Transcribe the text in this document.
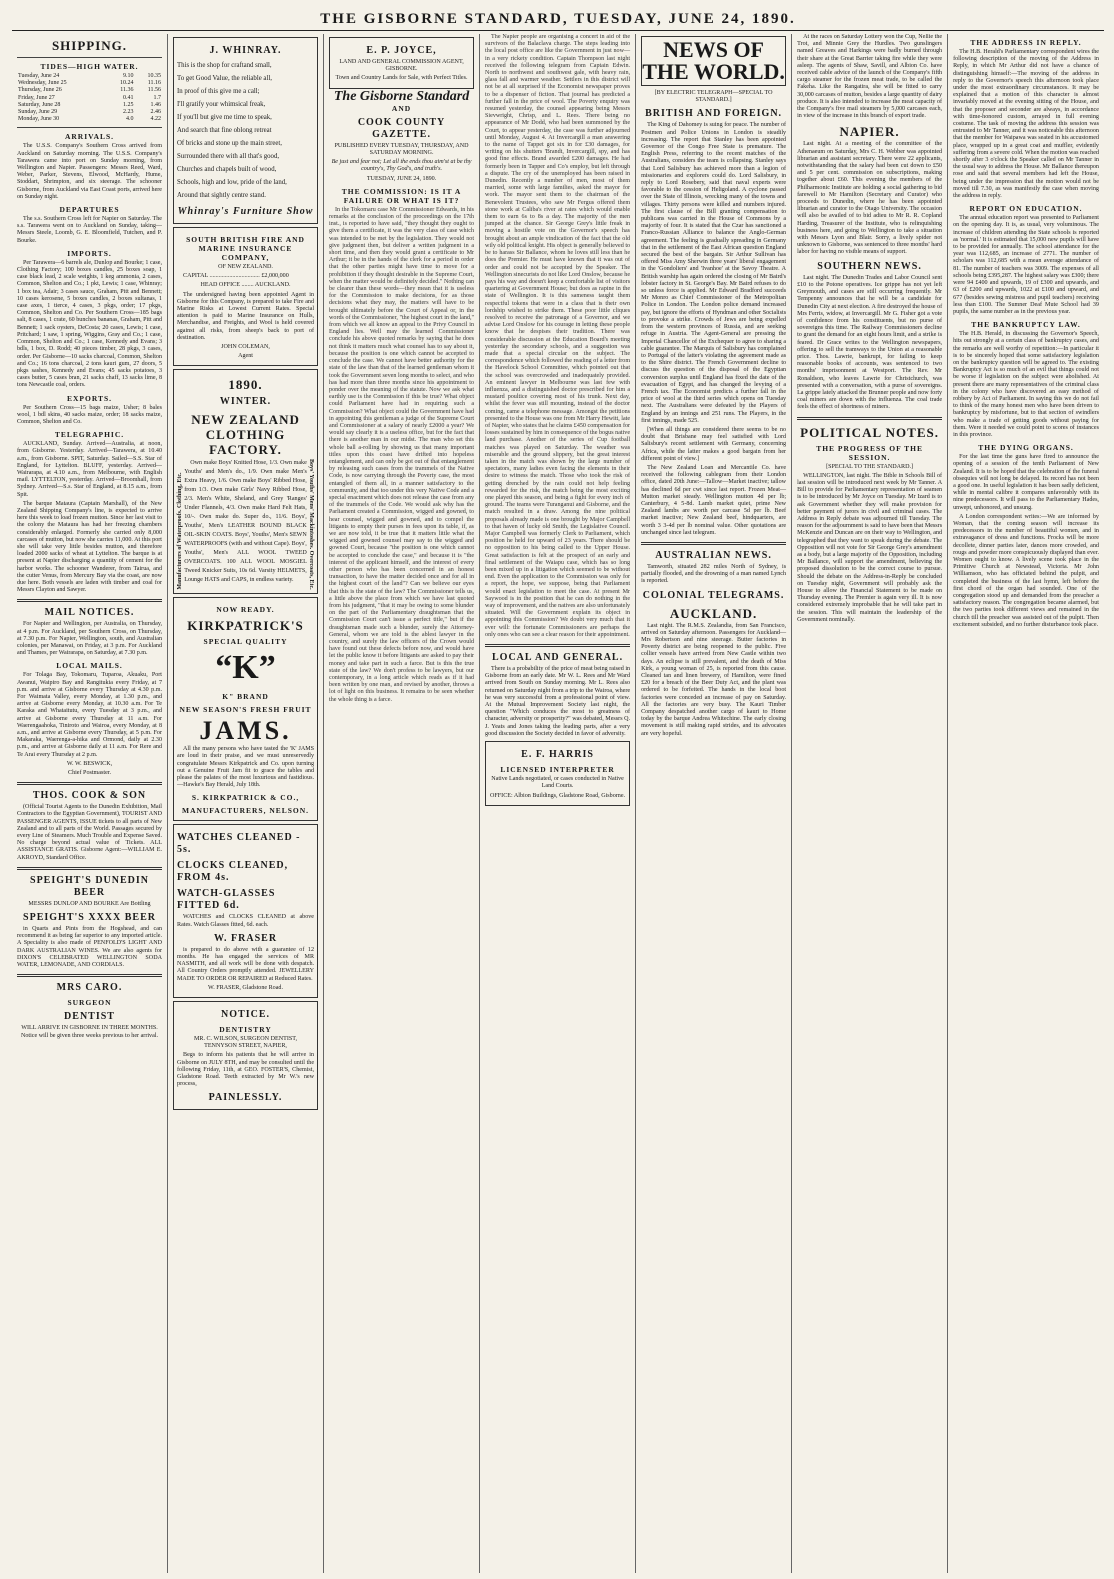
THE GISBORNE STANDARD, TUESDAY, JUNE 24, 1890.
SHIPPING.
TIDES—HIGH WATER.
Tuesday, June 24	9.10	10.35
Wednesday, June 25	10.24	11.16
Thursday, June 26	11.36	11.56
Friday, June 27	0.41	1.7
Saturday, June 28	1.25	1.46
Sunday, June 29	2.23	2.46
Monday, June 30	4.0	4.22
ARRIVALS.

The U.S.S. Company's Southern Cross arrived from Auckland on Saturday morning. The U.S.S. Company's Tarawera came into port on Sunday morning, from Wellington and Napier. Passengers: Messrs Reed, Ward, Weber, Parker, Stevens, Elwood, McHardy, Hume, Stoddart, Shrimpton, and six steerage. The schooner Gisborne, from Auckland via East Coast ports, arrived here on Sunday night.

DEPARTURES

The s.s. Southern Cross left for Napier on Saturday. The s.s. Tarawera went on to Auckland on Sunday, taking—Messrs Steele, Loomb, G. E. Bloomfield, Tutchen, and P. Bourke.

IMPORTS.

Per Tarawera—6 barrels ale, Dunlop and Bourke; 1 case, Clothing Factory; 100 boxes candles, 25 boxes soap, 1 case black lead, 2 scale weights, 1 keg ammonia, 2 cases, Common, Shelton and Co.; 1 pkt, Lewis; 1 case, Whinray; 1 box tea, Adair; 3 cases sauce, Graham, Pitt and Bennett; 10 cases kerosene, 5 boxes candles, 2 boxes sultanas, 1 case axes, 1 tierce, 4 cases, 3 pkgs, order; 17 pkgs, Common, Shelton and Co. Per Southern Cross—185 bags salt, 8 cases, 1 crate, 60 bunches bananas, Graham, Pitt and Bennett; 1 sack oysters, DeCosta; 20 cases, Lewis; 1 case, Pritchard; 1 saw, 1 spring, Wiggins, Gray and Co.; 1 case, Common, Shelton and Co.; 1 case, Kennedy and Evans; 3 bdls, 1 box, D. Rodd; 40 pieces timber, 28 pkgs, 3 cases, order. Per Gisborne—10 sacks charcoal, Common, Shelton and Co.; 16 tons charcoal, 2 tons kauri gum, 27 doors, 5 pkgs sashes, Kennedy and Evans; 45 sacks potatoes, 3 cases butter, 5 cases bran, 21 sacks chaff, 13 sacks lime, 8 tons Newcastle coal, orders.

EXPORTS.

Per Southern Cross—15 bags maize, Usher; 8 bales wool, 1 bdl skins, 40 sacks maize, order; 18 sacks maize, Common, Shelton and Co.

TELEGRAPHIC.

AUCKLAND, Sunday. Arrived—Australia, at noon, from Gisborne. Yesterday. Arrived—Tarawera, at 10.40 a.m., from Gisborne. SPIT, Saturday. Sailed—S.S. Star of England, for Lyttelton. BLUFF, yesterday. Arrived—Wairarapa, at 4.10 a.m., from Melbourne, with English mail. LYTTELTON, yesterday. Arrived—Broomhall, from Sydney. Arrived—S.s. Star of England, at 8.15 a.m., from Spit.

The barque Mataura (Captain Marshall), of the New Zealand Shipping Company's line, is expected to arrive here this week to load frozen mutton. Since her last visit to the colony the Mataura has had her freezing chambers considerably enlarged. Formerly she carried only 8,000 carcases of mutton, but now she carries 11,000. At this port she will take very little besides mutton, and therefore loaded 2000 sacks of wheat at Lyttelton. The barque is at present at Napier discharging a quantity of cement for the harbor works. The schooner Wanderer, from Tairua, and the cutter Venus, from Mercury Bay via the coast, are now due here. Both vessels are laden with timber and coal for Messrs Clayton and Sawyer.

MAIL NOTICES.

For Napier and Wellington, per Australia, on Thursday, at 4 p.m. For Auckland, per Southern Cross, on Thursday, at 7.30 p.m. For Napier, Wellington, south, and Australian colonies, per Manawai, on Friday, at 3 p.m. For Auckland and Thames, per Wairarapa, on Saturday, at 7.30 p.m.

LOCAL MAILS.

For Tolaga Bay, Tokomaru, Tuparoa, Akuaku, Port Awanui, Waipiro Bay and Rangitukia every Friday, at 7 p.m. and arrive at Gisborne every Thursday at 4.30 p.m. For Waimata Valley, every Monday, at 1.30 p.m., and arrive at Gisborne every Monday, at 10.30 a.m. For Te Karaka and Whataitutu, every Tuesday at 3 p.m., and arrive at Gisborne every Thursday at 11 a.m. For Waerengaahoka, Tiniroto and Wairoa, every Monday, at 8 a.m., and arrive at Gisborne every Thursday, at 5 p.m. For Makaraka, Waerenga-a-hika and Ormond, daily at 2.30 p.m., and arrive at Gisborne daily at 11 a.m. For Rere and Te Arai every Thursday at 2 p.m.

W. W. BESWICK,

Chief Postmaster.

THOS. COOK & SON

(Official Tourist Agents to the Dunedin Exhibition, Mail Contractors to the Egyptian Government), TOURIST AND PASSENGER AGENTS, ISSUE tickets to all parts of New Zealand and to all parts of the World. Passages secured by every Line of Steamers. Much Trouble and Expense Saved. No charge beyond actual value of Tickets. ALL ASSISTANCE GRATIS. Gisborne Agent:—WILLIAM E. AKROYD, Standard Office.

SPEIGHT'S DUNEDIN BEER

MESSRS DUNLOP AND BOURKE Are Bottling

SPEIGHT'S XXXX BEER

in Quarts and Pints from the Hogshead, and can recommend it as being far superior to any imported article. A Speciality is also made of PENFOLD'S LIGHT AND DARK AUSTRALIAN WINES. We are also agents for DIXON'S CELEBRATED WELLINGTON SODA WATER, LEMONADE, AND CORDIALS.

MRS CARO.
SURGEON
DENTIST

WILL ARRIVE IN GISBORNE IN THREE MONTHS. Notice will be given three weeks previous to her arrival.

J. WHINRAY.
This is the shop for craftand small,
To get Good Value, the reliable all,
In proof of this give me a call;
I'll gratify your whimsical freak,
If you'll but give me time to speak,
And search that fine oblong retreat
Of bricks and stone up the main street,
Surrounded there with all that's good,
Churches and chapels built of wood,
Schools, high and low, pride of the land,
Around that sightly centre stand.
Whinray's Furniture Show
SOUTH BRITISH FIRE AND MARINE INSURANCE COMPANY,

OF NEW ZEALAND.

CAPITAL ................................. £2,000,000

HEAD OFFICE ........ AUCKLAND.

The undersigned having been appointed Agent in Gisborne for this Company, is prepared to take Fire and Marine Risks at Lowest Current Rates. Special attention is paid to Marine Insurance on Hulls, Merchandise, and Freights, and Wool is held covered against all risks, from sheep's back to port of destination.

JOHN COLEMAN,

Agent

1890.
WINTER.
NEW ZEALAND CLOTHING FACTORY.
Manufacturers of Waterproofs. Clothing, Etc.

Own make Boys' Knitted Hose, 1/3. Own make Youths' and Men's do., 1/9. Own make Men's Extra Heavy, 1/6. Own make Boys' Ribbed Hose, from 1/3. Own make Girls' Navy Ribbed Hose, 2/3. Men's White, Sheland, and Grey 'Ranges' Under Flannels, 4/3. Own make Hard Felt Hats, 10/-. Own make do. Super do., 11/6. Boys', Youths', Men's LEATHER BOUND BLACK OIL-SKIN COATS. Boys', Youths', Men's SEWN WATERPROOFS (with and without Cape). Boys', Youths', Men's ALL WOOL TWEED OVERCOATS. 100 ALL WOOL MOSGIEL Tweed Knicker Suits, 10s 6d. Varsity HELMETS, Lounge HATS and CAPS, in endless variety.	Boys' Youths' Mens' Mackintoshes. Overcoats, Etc.
NOW READY.
KIRKPATRICK'S
SPECIAL QUALITY
“K”
K" BRAND
NEW SEASON'S FRESH FRUIT
JAMS.

All the many persons who have tasted the 'K' JAMS are loud in their praise, and we must unreservedly congratulate Messrs Kirkpatrick and Co. upon turning out a Genuine Fruit Jam fit to grace the tables and please the palates of the most luxurious and fastidious.—Hawke's Bay Herald, July 18th.

S. KIRKPATRICK & CO.,
MANUFACTURERS, NELSON.
WATCHES CLEANED - 5s.
CLOCKS CLEANED, FROM 4s.
WATCH-GLASSES FITTED 6d.

WATCHES and CLOCKS CLEANED at above Rates. Watch Glasses fitted, 6d. each.

W. FRASER

is prepared to do above with a guarantee of 12 months. He has engaged the services of MR NASMITH, and all work will be done with despatch. All Country Orders promptly attended. JEWELLERY MADE TO ORDER OR REPAIRED at Reduced Rates.

W. FRASER, Gladstone Road.

NOTICE.
DENTISTRY

MR. C. WILSON, SURGEON DENTIST, TENNYSON STREET, NAPIER,

Begs to inform his patients that he will arrive in Gisborne on JULY 8TH, and may be consulted until the following Friday, 11th, at GEO. FOSTER'S, Chemist, Gladstone Road. Teeth extracted by Mr W.'s new process,

PAINLESSLY.
E. P. JOYCE,

LAND AND GENERAL COMMISSION AGENT, GISBORNE.

Town and Country Lands for Sale, with Perfect Titles.

The Gisborne Standard
AND
COOK COUNTY GAZETTE.

PUBLISHED EVERY TUESDAY, THURSDAY, AND SATURDAY MORNING.

Be just and fear not; Let all the ends thou aim'st at be thy country's, Thy God's, and truth's.

TUESDAY, JUNE 24, 1890.

THE COMMISSION: IS IT A FAILURE OR WHAT IS IT?

In the Tokomaru case Mr Commissioner Edwards, in his remarks at the conclusion of the proceedings on the 17th inst., is reported to have said, "they thought they ought to give them a certificate, it was the very class of case which was intended to be met by the legislation. They would not give judgment then, but deliver a written judgment in a short time, and then they would grant a certificate to Mr Arthur; it be in the hands of the clerk for a period in order that the other parties might have time to move for a prohibition if they thought desirable in the Supreme Court, when the matter would be definitely decided." Nothing can be clearer than these words—they mean that it is useless for the Commission to make decisions, for as those decisions what they may, the matters will have to be brought ultimately before the Court of Appeal or, in the words of the Commissioner, "the highest court in the land," from which we all know an appeal to the Privy Council in England lies. Well may the learned Commissioner conclude his above quoted remarks by saying that he does not think it matters much what counsel has to say about it, because the position is one which cannot be accepted to conclude the case. We cannot have better authority for the state of the law than that of the learned gentleman whom it took the Government seven long months to select, and who has had more than three months since his appointment to ponder over the meaning of the statute. Now we ask what earthly use is the Commission if this be true? What object could Parliament have had in requiring such a Commission? What object could the Government have had in appointing this gentleman a judge of the Supreme Court and Commissioner at a salary of nearly £2000 a year? We would say clearly it is a useless office, but for the fact that there is another man in our midst. The man who set this whole ball a-rolling by showing us that many important titles upon this coast have drifted into hopeless entanglement, and can only be got out of that entanglement by releasing such cases from the trammels of the Native Code, is now carrying through the Poverty case, the most entangled of them all, in a manner satisfactory to the community, and that too under this very Native Code and a special enactment which does not release the case from any of the trammels of the Code. We would ask why has the Parliament created a Commission, wigged and gowned, to hear counsel, wigged and gowned, and to compel the litigants to empty their purses in fees upon its table, if, as we are now told, it be true that it matters little what the wigged and gowned counsel may say to the wigged and gowned Court, because "the position is one which cannot be accepted to conclude the case," and because it is "the interest of the applicant himself, and the interest of every other person who has been concerned in an honest transaction, to have the matter decided once and for all in the highest court of the land"? Can we believe our eyes that this is the state of the law? The Commissioner tells us, a little above the place from which we have last quoted from his judgment, "that it may be owing to some blunder on the part of the Parliamentary draughtsman that the Commission Court can't issue a perfect title," but if the draughtsman made such a blunder, surely the Attorney-General, whom we are told is the ablest lawyer in the country, and surely the law officers of the Crown would have found out these defects before now, and would have let the public know it before litigants are asked to pay their money and take part in such a farce. But is this the true state of the law? We don't profess to be lawyers, but our contemporary, in a long article which reads as if it had been written by one man, and revised by another, throws a lot of light on this business. It remains to be seen whether the whole thing is a farce.

The Napier people are organising a concert in aid of the survivors of the Balaclava charge. The steps leading into the local post office are like the Government in just now—in a very rickety condition. Captain Thompson last night received the following telegram from Captain Edwin. North to northwest and southwest gale, with heavy rain, glass fall and warmer weather. Settlers in this district will not be at all surprised if the Economist newspaper proves to be a dispenser of fiction. That journal has predicted a further fall in the price of wool. The Poverty enquiry was resumed yesterday, the counsel appearing being Messrs Sievwright, Chrisp, and L. Rees. There being no appearance of Mr Dodd, who had been summoned by the Court, to appear yesterday, the case was further adjourned until Monday, August 4. At Invercargill a man answering to the name of Tappet got six in for £30 damages, for writing on his shutters 'Brandt, Invercargill, spy, and has good fine effects. Brand awarded £200 damages. He had formerly been in Tapper and Co's employ, but left through a dispute. The cry of the unemployed has been raised in Dunedin. Recently a number of men, most of them married, some with large families, asked the mayor for work. The mayor sent them to the chairman of the Benevolent Trustees, who saw Mr Fergus offered them stone work at Caliba's river at rates which would enable them to earn 6s to 8s a day. The majority of the men jumped at the chance. Sir George Grey's little freak in moving a hostile vote on the Governor's speech has brought about an ample vindication of the fact that the old wily old political knight. His object is generally believed to be to harass Sir Ballance, whom he loves still less than he does the Premier. He must have known that it was out of order and could not be accepted by the Speaker. The Wellington sinecurists do not like Lord Onslow, because he pays his way and doesn't keep a comfortable list of visitors quartering at Government House; but does as rapine in the state of Wellington. It is this sameness taught them respectful tokens that were in a class that is their own lordship wished to strike them. These poor little cliques resolved to receive the patronage of a Governor, and we advise Lord Onslow for his courage in letting these people know that he despises their tradition. There was considerable discussion at the Education Board's meeting yesterday the secondary schools, and a suggestion was made that a special circular on the subject. The correspondence which followed the reading of a letter from the Havelock School Committee, which pointed out that the school was overcrowded and inadequately provided. An eminent lawyer in Melbourne was last few with influenza, and a distinguished doctor prescribed for him a mustard poultice covering most of his trunk. Next day, whilst the fever was still mounting, instead of the doctor coming, came a telephone message. Amongst the petitions presented to the House was one from Mr Harry Hewitt, late of Napier, who states that he claims £450 compensation for losses sustained by him in consequence of the bogus native land purchase. Another of the series of Cup football matches was played on Saturday. The weather was miserable and the ground slippery, but the great interest taken in the match was shown by the large number of spectators, many ladies even facing the elements in their desire to witness the match. Those who took the risk of getting drenched by the rain could not help feeling rewarded for the risk, the match being the most exciting one played this season, and being a fight for every inch of ground. The teams were Turanganui and Gisborne, and the match resulted in a draw. Among the nine political proposals already made is one brought by Major Campbell to that haven of lucky old Smith, the Legislative Council. Major Campbell was formerly Clerk to Parliament, which position he held for upward of 23 years. There should be no opposition to his being called to the Upper House. Great satisfaction is felt at the prospect of an early and final settlement of the Waiapu case, which has so long been mixed up in a litigation which seemed to be without end. Even the application to the Commission was only for a report, the hope, we suppose, being that Parliament would enact legislation to meet the case. At present Mr Saywood is in the position that he can do nothing in the way of improvement, and the natives are also unfortunately situated. Will the Government explain its object in appointing this Commission? We doubt very much that it ever will: the fortunate Commissioners are perhaps the only ones who can see a clear reason for their appointment.

LOCAL AND GENERAL.

There is a probability of the price of meat being raised in Gisborne from an early date. Mr W. L. Rees and Mr Ward arrived from South on Sunday morning. Mr L. Rees also returned on Saturday night from a trip to the Wairoa, where he was very successful from a professional point of view. At the Mutual Improvement Society last night, the question "Which conduces the most to greatness of character, adversity or prosperity?" was debated, Messrs Q. J. Yeats and Jones taking the leading parts, after a very good discussion the Society decided in favor of adversity.

E. F. HARRIS
LICENSED INTERPRETER

Native Lands negotiated, or cases conducted in Native Land Courts.

OFFICE: Albion Buildings, Gladstone Road, Gisborne.

NEWS OF THE WORLD.

[BY ELECTRIC TELEGRAPH—SPECIAL TO STANDARD.]

BRITISH AND FOREIGN.

The King of Dahomey is suing for peace. The number of Postmen and Police Unions in London is steadily increasing. The report that Stanley has been appointed Governor of the Congo Free State is premature. The English Press, referring to the recent matches of the Australians, considers the team is collapsing. Stanley says that Lord Salisbury has achieved more than a legion of missionaries and explorers could do. Lord Salisbury, in reply to Lord Rosebery, said that naval experts were favorable to the cession of Heligoland. A cyclone passed over the State of Illinois, wrecking many of the towns and villages. Thirty persons were killed and numbers injured. The first clause of the Bill granting compensation to publicans was carried in the House of Commons by a majority of four. It is stated that the Czar has sanctioned a Franco-Russian Alliance to balance the Anglo-German agreement. The feeling is gradually spreading in Germany that in the settlement of the East African question England secured the best of the bargain. Sir Arthur Sullivan has offered Miss Amy Sherwin three years' liberal engagement in the 'Gondoliers' and 'Ivanhoe' at the Savoy Theatre. A British warship has again ordered the closing of Mr Baird's lobster factory in St. George's Bay. Mr Baird refuses to do so unless force is applied. Mr Edward Bradford succeeds Mr Monro as Chief Commissioner of the Metropolitan Police in London. The London police demand increased pay, but ignore the efforts of Hyndman and other Socialists to provoke a strike. Crowds of Jews are being expelled from the western provinces of Russia, and are seeking refuge in Austria. The Agent-General are pressing the Imperial Chancellor of the Exchequer to agree to sharing a cable guarantee. The Marquis of Salisbury has complained to Portugal of the latter's violating the agreement made as to the Shire district. The French Government decline to discuss the question of the disposal of the Egyptian conversion surplus until England has fixed the date of the evacuation of Egypt, and has changed the levying of a French tax. The Economist predicts a further fall in the price of wool at the third series which opens on Tuesday next. The Australians were defeated by the Players of England by an innings and 251 runs. The Players, in the first innings, made 525.

[When all things are considered there seems to be no doubt that Brisbane may feel satisfied with Lord Salisbury's recent settlement with Germany, concerning Africa, while the latter makes a good bargain from her different point of view.]

The New Zealand Loan and Mercantile Co. have received the following cablegram from their London office, dated 20th June:—Tallow—Market inactive; tallow has declined 6d per cwt since last report. Frozen Meat—Mutton market steady. Wellington mutton 4d per lb; Canterbury, 4 5-8d. Lamb market quiet, prime New Zealand lambs are worth per carcase 5d per lb. Beef market inactive; New Zealand beef, hindquarters, are worth 3 3-4d per lb nominal value. Other quotations are unchanged since last telegram.

AUSTRALIAN NEWS.

Tamworth, situated 282 miles North of Sydney, is partially flooded, and the drowning of a man named Lynch is reported.

COLONIAL TELEGRAMS.
AUCKLAND.

Last night. The R.M.S. Zealandia, from San Francisco, arrived on Saturday afternoon. Passengers for Auckland—Mrs Robertson and nine steerage. Butter factories in Poverty district are being reopened to the public. Five collier vessels have arrived from New Castle within two days. An eclipse is still prevalent, and the death of Miss Kirk, a young woman of 25, is reported from this cause. Cleaned tan and linen brewery, of Hamilton, were fined £20 for a breach of the Beer Duty Act, and the plant was ordered to be forfeited. The hands in the local boot factories were conceded an increase of pay on Saturday. All the factories are very busy. The Kauri Timber Company despatched another cargo of kauri to Home today by the barque Andrea Whitechine. The early closing movement is still making rapid strides, and its advocates are very hopeful.

At the races on Saturday Lottery won the Cup, Nellie the Trot, and Minnie Grey the Hurdles. Two gunslingers named Greaves and Harkings were badly burned through their share at the Great Barrier taking fire while they were asleep. The agents of Shaw, Savill, and Albion Co. have received cable advice of the launch of the Company's fifth cargo steamer for the frozen meat trade, to be called the Fakeha. Like the Rangatira, she will be fitted to carry 30,000 carcases of mutton, besides a large quantity of dairy produce. It is also intended to increase the meat capacity of the Company's five mail steamers by 5,000 carcases each, in view of the increase in this branch of export trade.

NAPIER.

Last night. At a meeting of the committee of the Athenaeum on Saturday, Mrs C. H. Webber was appointed librarian and assistant secretary. There were 22 applicants, notwithstanding that the salary had been cut down to £50 and 5 per cent. commission on subscriptions, making together about £60. This evening the members of the Philharmonic Institute are holding a social gathering to bid farewell to Mr Hamilton (Secretary and Curator) who proceeds to Dunedin, where he has been appointed librarian and curator to the Otago University. The occasion will also be availed of to bid adieu to Mr R. R. Copland Harding, Treasurer of the Institute, who is relinquishing business here, and going to Wellington to take a situation with Messrs Lyon and Blair. Sorry, a lively spider not unknown to Gisborne, was sentenced to three months' hard labor for having no visible means of support.

SOUTHERN NEWS.

Last night. The Dunedin Trades and Labor Council sent £10 to the Potone operatives. Ice grippe has not yet left Greymouth, and cases are still occurring frequently. Mr Tempenny announces that he will be a candidate for Dunedin City at next election. A fire destroyed the house of Mrs Ferris, widow, at Invercargill. Mr G. Fisher got a vote of confidence from his constituents, but no purse of sovereigns this time. The Railway Commissioners decline to grant the demand for an eight hours limit, and a strike is feared. Dr Grace writes to the Wellington newspapers, offering to sell the tramways to the Union at a reasonable price. Thos. Lawrie, bankrupt, for failing to keep reasonable books of accounts, was sentenced to two months' imprisonment at Westport. The Rev. Mr Ronaldson, who leaves Lawrie for Christchurch, was presented with a conversation, with a purse of sovereigns. La grippe lately attacked the Brunner people and now forty coal miners are down with the influenza. The coal trade feels the effect of shortness of miners.

POLITICAL NOTES.
THE PROGRESS OF THE SESSION.

[SPECIAL TO THE STANDARD.]

WELLINGTON, last night. The Bible in Schools Bill of last session will be introduced next week by Mr Tanner. A Bill to provide for Parliamentary representation of seamen is to be introduced by Mr Joyce on Tuesday. Mr Izard is to ask Government whether they will make provision for better payment of jurors in civil and criminal cases. The Address in Reply debate was adjourned till Tuesday. The reason for the adjournment is said to have been that Messrs McKenzie and Duncan are on their way to Wellington, and telegraphed that they want to speak during the debate. The Opposition will not vote for Sir George Grey's amendment as a body, but a large majority of the Opposition, including Mr Ballance, will support the amendment, believing the proposed dissolution to be the correct course to pursue. Should the debate on the Address-in-Reply be concluded on Tuesday night, Government will probably ask the House to allow the Financial Statement to be made on Thursday evening. The Premier is again very ill. It is now considered extremely improbable that he will take part in the session. This will maintain the leadership of the Government nominally.

THE ADDRESS IN REPLY.

The H.B. Herald's Parliamentary correspondent wires the following description of the moving of the Address in Reply, in which Mr Arthur did not have a chance of distinguishing himself:—The moving of the address in reply to the Governor's speech this afternoon took place under the most extraordinary circumstances. It may be explained that a motion of this character is almost invariably moved at the evening sitting of the House, and that the proposer and seconder are always, in accordance with time-honored custom, arrayed in full evening costume. The task of moving the address this session was entrusted to Mr Tanner, and it was noticeable this afternoon that the member for Waipawa was seated in his accustomed place, wrapped up in a great coat and muffler, evidently suffering from a severe cold. When the motion was reached shortly after 3 o'clock the Speaker called on Mr Tanner in the usual way to address the House. Mr Ballance thereupon rose and said that several members had left the House, being under the impression that the motion would not be moved till 7.30, as was manifestly the case when moving the address in reply.

REPORT ON EDUCATION.

The annual education report was presented to Parliament on the opening day. It is, as usual, very voluminous. The increase of children attending the State schools is reported as 'normal.' It is estimated that 15,000 new pupils will have to be provided for annually. The school attendance for the year was 112,685, an increase of 2771. The number of scholars was 112,685 with a mean average attendance of 81. The number of teachers was 3009. The expenses of all schools being £395,287. The highest salary was £300; there were 94 £400 and upwards, 19 of £300 and upwards, and 63 of £200 and upwards, 1022 at £100 and upward, and 677 (besides sewing mistress and pupil teachers) receiving less than £100. The Sumner Deaf Mute School had 39 pupils, the same number as in the previous year.

THE BANKRUPTCY LAW.

The H.B. Herald, in discussing the Governor's Speech, hits out strongly at a certain class of bankruptcy cases, and the remarks are well worthy of repetition:—In particular it is to be sincerely hoped that some satisfactory legislation on the bankruptcy question will be agreed to. The existing Bankruptcy Act is so much of an evil that things could not be worse if legislation on the subject were abolished. At present there are many representatives of the criminal class in the colony who have discovered an easy method of robbery by Act of Parliament. In saying this we do not fail to think of the many honest men who have been driven to bankruptcy by misfortune, but to that section of swindlers who make a trade of getting goods without paying for them. Were it needed we could point to scores of instances in this province.

THE DYING ORGANS.

For the last time the guns have fired to announce the opening of a session of the tenth Parliament of New Zealand. It is to be hoped that the celebration of the funeral obsequies will not long be delayed. Its record has not been a good one. In useful legislation it has been sadly deficient, while in mental calibre it compares unfavorably with its nine predecessors. It will pass to the Parliamentary Hades, unwept, unhonored, and unsung.

A London correspondent writes:—We are informed by Woman, that the coming season will increase its predecessors in the number of beautiful women, and in extravagance of dress and functions. Frocks will be more decollete, dinner parties later, dances more crowded, and rougs and powder more conspicuously displayed than ever. Women ought to know. A lively scene took place in the Primitive Church at Newstead, Victoria. Mr John Williamson, who has officiated behind the pulpit, and completed the business of the last hymn, left before the first chord of the organ had sounded. One of the congregation stood up and demanded from the preacher a satisfactory reason. The congregation became alarmed, but the two parties took different views and remained in the church till the preacher was assisted out of the pulpit. Then excitement subsided, and no further disturbance took place.
